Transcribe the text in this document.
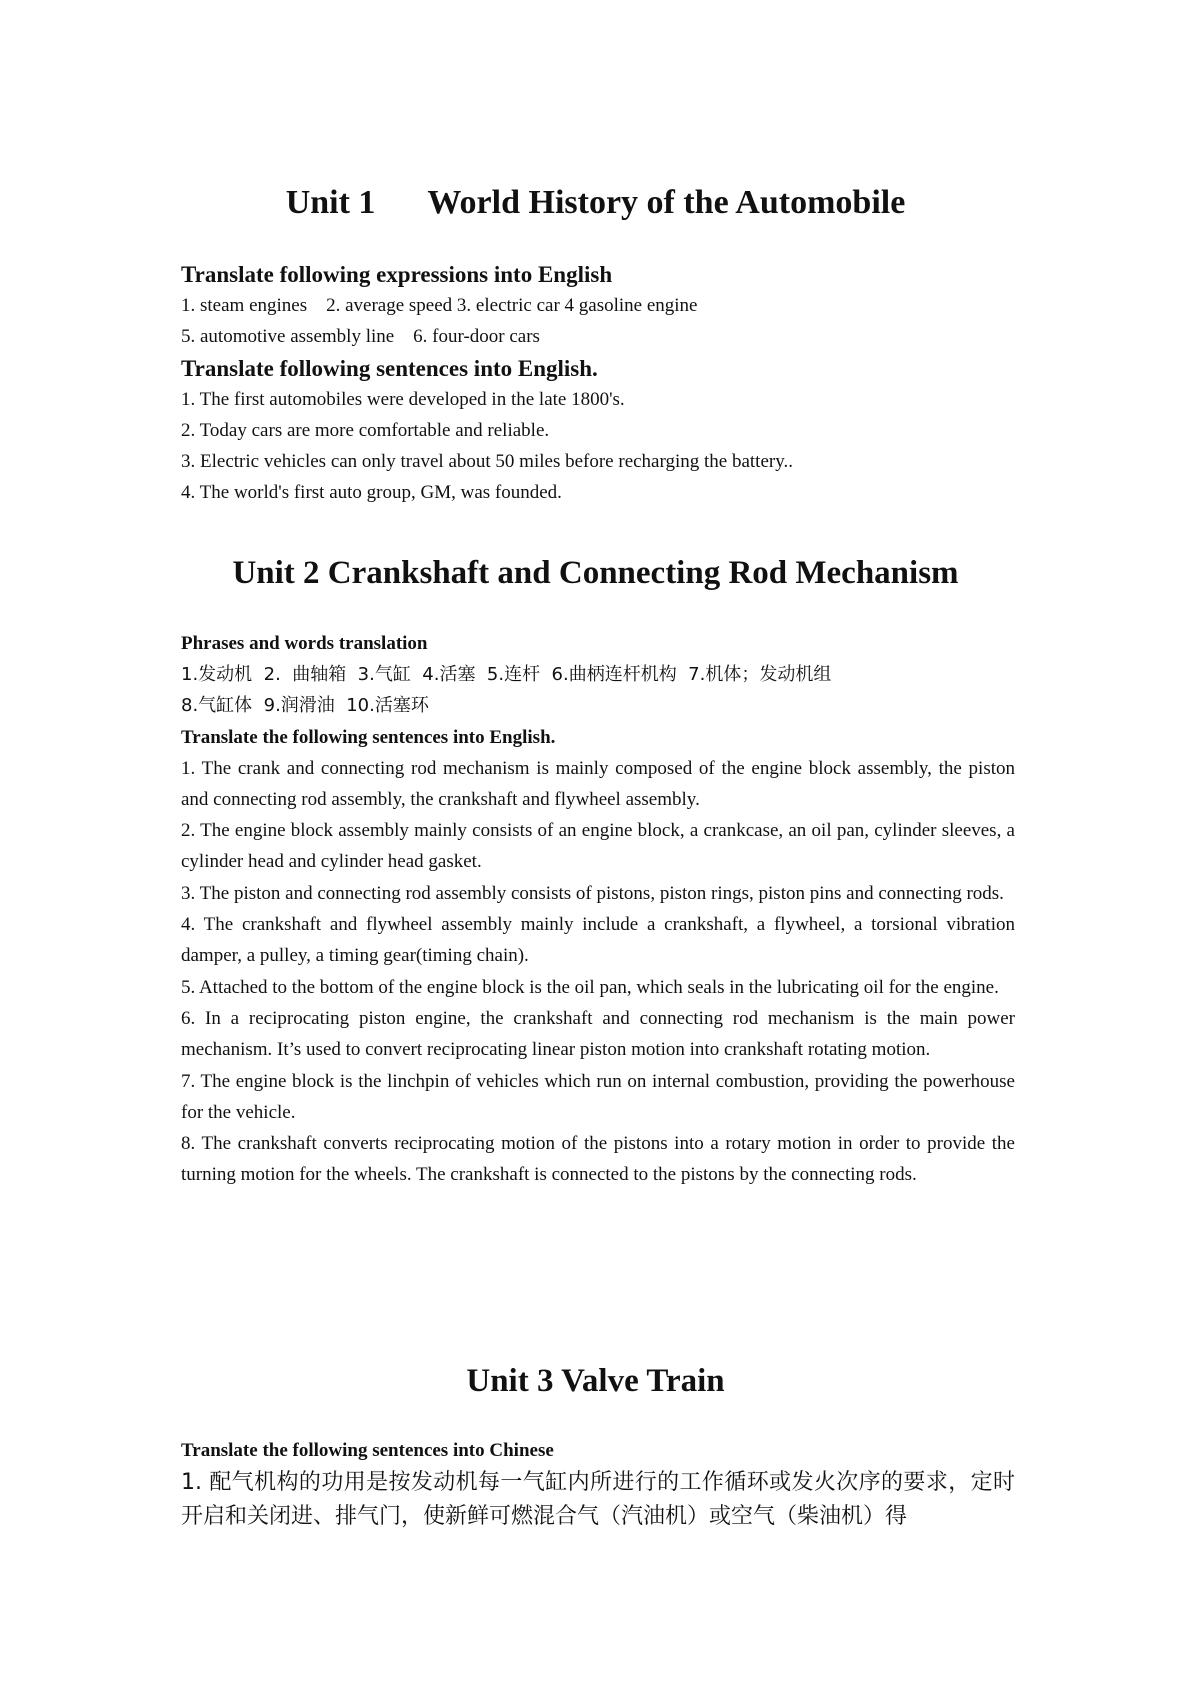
Unit 1 World History of the Automobile

Translate following expressions into English

1. steam engines    2. average speed 3. electric car 4 gasoline engine

5. automotive assembly line    6. four-door cars

Translate following sentences into English.

1. The first automobiles were developed in the late 1800's.

2. Today cars are more comfortable and reliable.

3. Electric vehicles can only travel about 50 miles before recharging the battery..

4. The world's first auto group, GM, was founded.

Unit 2 Crankshaft and Connecting Rod Mechanism

Phrases and words translation

1.发动机  2.  曲轴箱  3.气缸  4.活塞  5.连杆  6.曲柄连杆机构  7.机体；发动机组

8.气缸体  9.润滑油  10.活塞环

Translate the following sentences into English.

1. The crank and connecting rod mechanism is mainly composed of the engine block assembly, the piston and connecting rod assembly, the crankshaft and flywheel assembly.

2. The engine block assembly mainly consists of an engine block, a crankcase, an oil pan, cylinder sleeves, a cylinder head and cylinder head gasket.

3. The piston and connecting rod assembly consists of pistons, piston rings, piston pins and connecting rods.

4. The crankshaft and flywheel assembly mainly include a crankshaft, a flywheel, a torsional vibration damper, a pulley, a timing gear(timing chain).

5. Attached to the bottom of the engine block is the oil pan, which seals in the lubricating oil for the engine.

6. In a reciprocating piston engine, the crankshaft and connecting rod mechanism is the main power mechanism. It’s used to convert reciprocating linear piston motion into crankshaft rotating motion.

7. The engine block is the linchpin of vehicles which run on internal combustion, providing the powerhouse for the vehicle.

8. The crankshaft converts reciprocating motion of the pistons into a rotary motion in order to provide the turning motion for the wheels. The crankshaft is connected to the pistons by the connecting rods.

Unit 3 Valve Train

Translate the following sentences into Chinese

1. 配气机构的功用是按发动机每一气缸内所进行的工作循环或发火次序的要求，定时开启和关闭进、排气门，使新鲜可燃混合气（汽油机）或空气（柴油机）得
